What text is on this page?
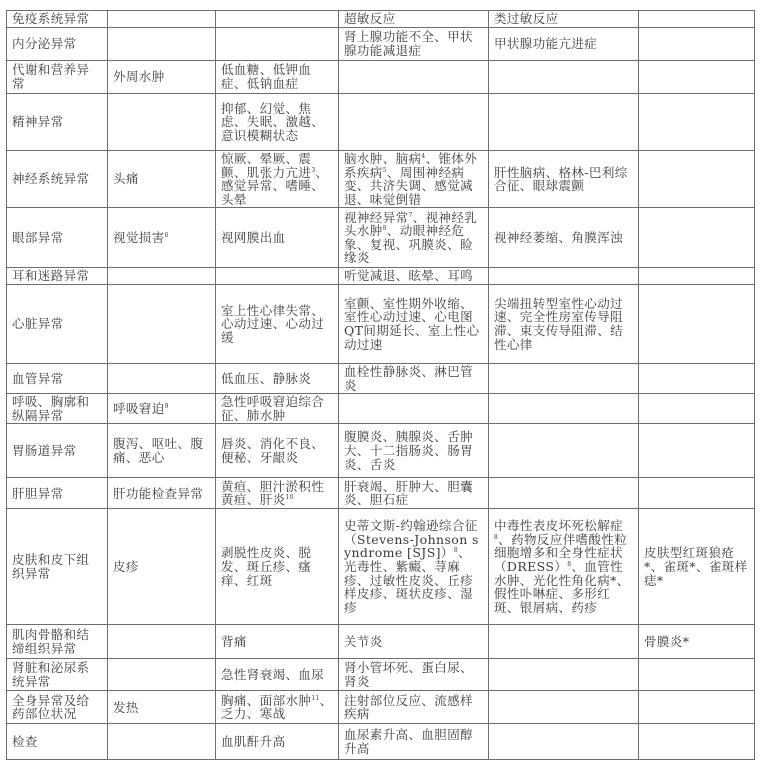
免疫系统异常			超敏反应	类过敏反应	
内分泌异常			肾上腺功能不全、甲状腺功能减退症	甲状腺功能亢进症	
代谢和营养异常	外周水肿	低血糖、低钾血症、低钠血症			
精神异常		抑郁、幻觉、焦虑、失眠、激越、意识模糊状态			
神经系统异常	头痛	惊厥、晕厥、震颤、肌张力亢进$^3$、感觉异常、嗜睡、头晕	脑水肿、脑病$^4$、锥体外系疾病$^5$、周围神经病变、共济失调、感觉减退、味觉倒错	肝性脑病、格林-巴利综合征、眼球震颤	
眼部异常	视觉损害$^6$	视网膜出血	视神经异常$^7$、视神经乳头水肿$^8$、动眼神经危象、复视、巩膜炎、睑缘炎	视神经萎缩、角膜浑浊	
耳和迷路异常			听觉减退、眩晕、耳鸣		
心脏异常		室上性心律失常、心动过速、心动过缓	室颤、室性期外收缩、室性心动过速、心电图QT间期延长、室上性心动过速	尖端扭转型室性心动过速、完全性房室传导阻滞、束支传导阻滞、结性心律	
血管异常		低血压、静脉炎	血栓性静脉炎、淋巴管炎		
呼吸、胸廓和纵隔异常	呼吸窘迫$^9$	急性呼吸窘迫综合征、肺水肿			
胃肠道异常	腹泻、呕吐、腹痛、恶心	唇炎、消化不良、便秘、牙龈炎	腹膜炎、胰腺炎、舌肿大、十二指肠炎、肠胃炎、舌炎		
肝胆异常	肝功能检查异常	黄疸、胆汁淤积性黄疸、肝炎$^{10}$	肝衰竭、肝肿大、胆囊炎、胆石症		
皮肤和皮下组织异常	皮疹	剥脱性皮炎、脱发、斑丘疹、瘙痒、红斑	史蒂文斯-约翰逊综合征（Stevens-Johnson syndrome [SJS]）$^8$、光毒性、紫癜、荨麻疹、过敏性皮炎、丘疹样皮疹、斑状皮疹、湿疹	中毒性表皮坏死松解症$^8$、药物反应伴嗜酸性粒细胞增多和全身性症状（DRESS）$^8$、血管性水肿、光化性角化病*、假性卟啉症、多形红斑、银屑病、药疹	皮肤型红斑狼疮*、雀斑*、雀斑样痣*
肌肉骨骼和结缔组织异常		背痛	关节炎		骨膜炎*
肾脏和泌尿系统异常		急性肾衰竭、血尿	肾小管坏死、蛋白尿、肾炎		
全身异常及给药部位状况	发热	胸痛、面部水肿$^{11}$、乏力、寒战	注射部位反应、流感样疾病		
检查		血肌酐升高	血尿素升高、血胆固醇升高		
